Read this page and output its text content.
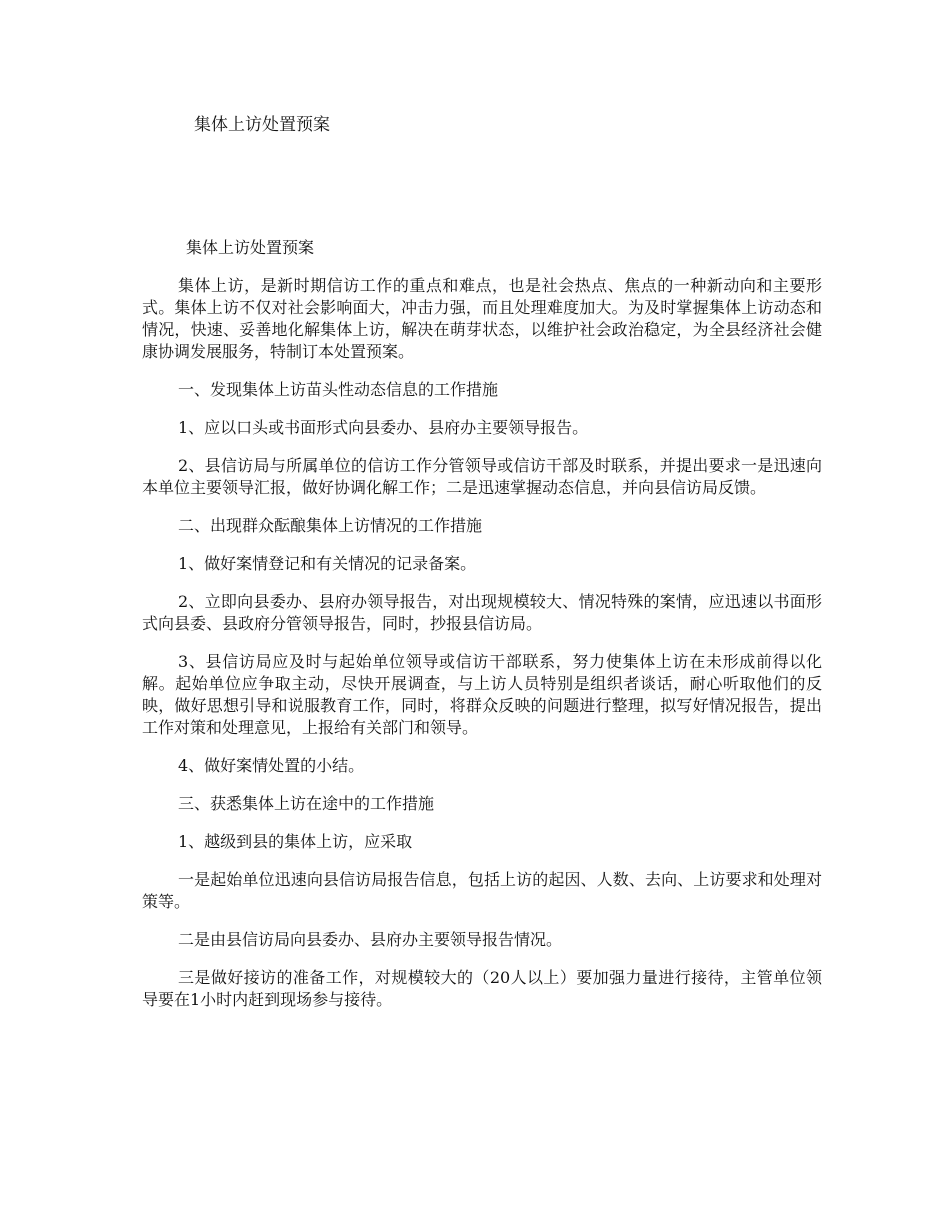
集体上访处置预案

集体上访处置预案

集体上访，是新时期信访工作的重点和难点，也是社会热点、焦点的一种新动向和主要形式。集体上访不仅对社会影响面大，冲击力强，而且处理难度加大。为及时掌握集体上访动态和情况，快速、妥善地化解集体上访，解决在萌芽状态，以维护社会政治稳定，为全县经济社会健康协调发展服务，特制订本处置预案。

一、发现集体上访苗头性动态信息的工作措施

1、应以口头或书面形式向县委办、县府办主要领导报告。

2、县信访局与所属单位的信访工作分管领导或信访干部及时联系，并提出要求一是迅速向本单位主要领导汇报，做好协调化解工作；二是迅速掌握动态信息，并向县信访局反馈。

二、出现群众酝酿集体上访情况的工作措施

1、做好案情登记和有关情况的记录备案。

2、立即向县委办、县府办领导报告，对出现规模较大、情况特殊的案情，应迅速以书面形式向县委、县政府分管领导报告，同时，抄报县信访局。

3、县信访局应及时与起始单位领导或信访干部联系，努力使集体上访在未形成前得以化解。起始单位应争取主动，尽快开展调查，与上访人员特别是组织者谈话，耐心听取他们的反映，做好思想引导和说服教育工作，同时，将群众反映的问题进行整理，拟写好情况报告，提出工作对策和处理意见，上报给有关部门和领导。

4、做好案情处置的小结。

三、获悉集体上访在途中的工作措施

1、越级到县的集体上访，应采取

一是起始单位迅速向县信访局报告信息，包括上访的起因、人数、去向、上访要求和处理对策等。

二是由县信访局向县委办、县府办主要领导报告情况。

三是做好接访的准备工作，对规模较大的（20人以上）要加强力量进行接待，主管单位领导要在1小时内赶到现场参与接待。
